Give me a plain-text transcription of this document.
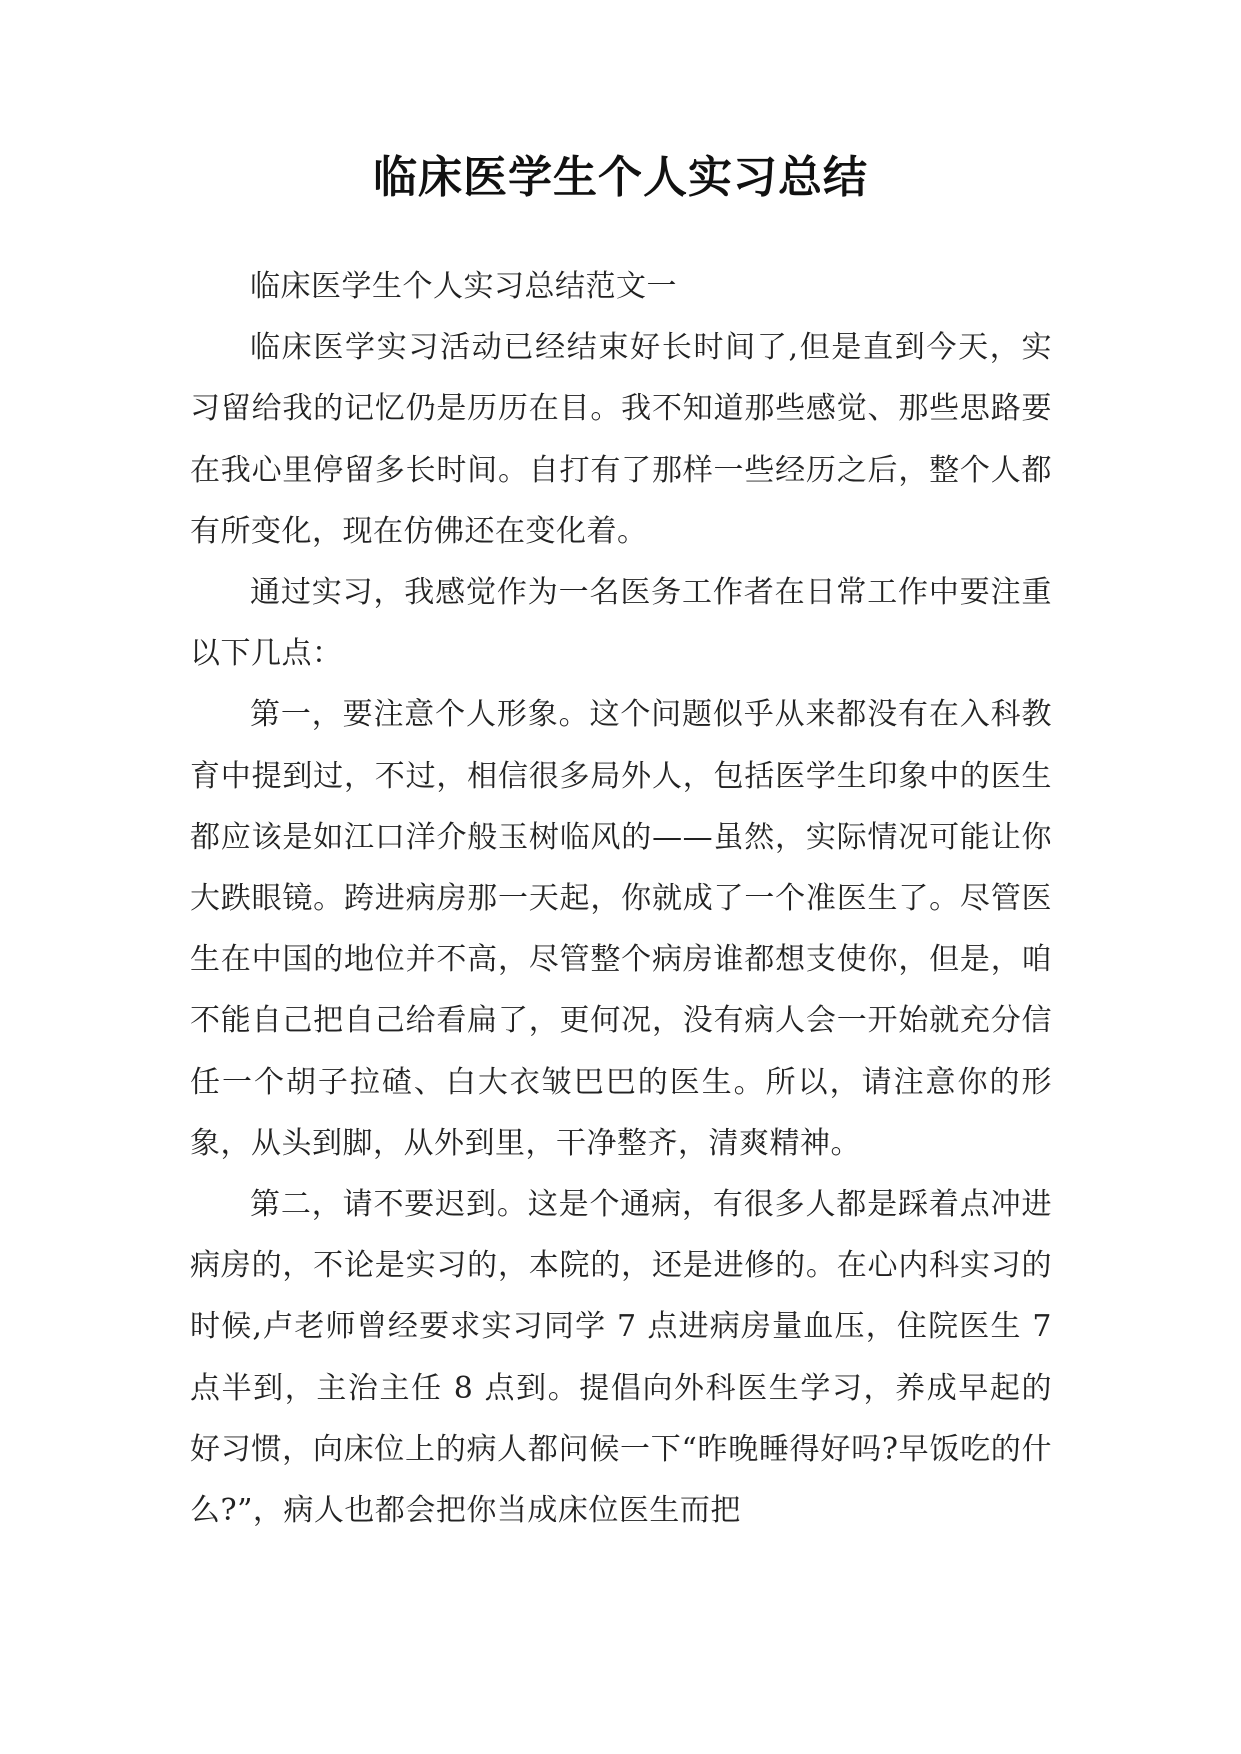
临床医学生个人实习总结

临床医学生个人实习总结范文一

临床医学实习活动已经结束好长时间了,但是直到今天，实习留给我的记忆仍是历历在目。我不知道那些感觉、那些思路要在我心里停留多长时间。自打有了那样一些经历之后，整个人都有所变化，现在仿佛还在变化着。

通过实习，我感觉作为一名医务工作者在日常工作中要注重以下几点：

第一，要注意个人形象。这个问题似乎从来都没有在入科教育中提到过，不过，相信很多局外人，包括医学生印象中的医生都应该是如江口洋介般玉树临风的——虽然，实际情况可能让你大跌眼镜。跨进病房那一天起，你就成了一个准医生了。尽管医生在中国的地位并不高，尽管整个病房谁都想支使你，但是，咱不能自己把自己给看扁了，更何况，没有病人会一开始就充分信任一个胡子拉碴、白大衣皱巴巴的医生。所以，请注意你的形象，从头到脚，从外到里，干净整齐，清爽精神。

第二，请不要迟到。这是个通病，有很多人都是踩着点冲进病房的，不论是实习的，本院的，还是进修的。在心内科实习的时候,卢老师曾经要求实习同学 7 点进病房量血压，住院医生 7 点半到，主治主任 8 点到。提倡向外科医生学习，养成早起的好习惯，向床位上的病人都问候一下“昨晚睡得好吗?早饭吃的什么?”，病人也都会把你当成床位医生而把
